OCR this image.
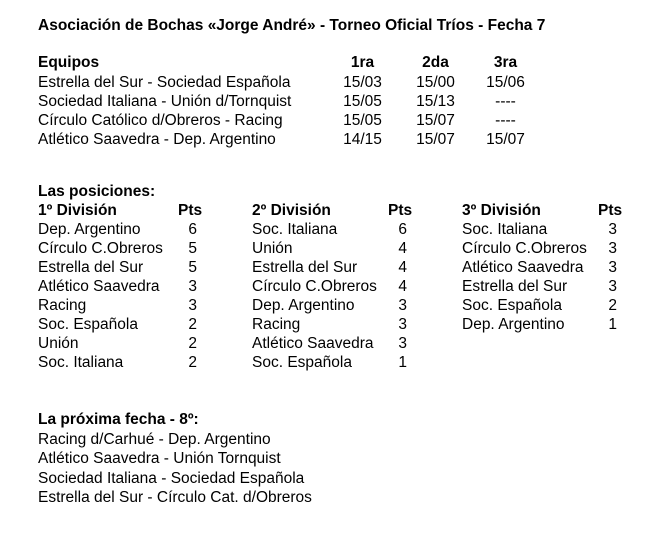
Asociación de Bochas «Jorge André» - Torneo Oficial Tríos - Fecha 7
Equipos	1ra	2da	3ra
Estrella del Sur - Sociedad Española	15/03	15/00	15/06
Sociedad Italiana - Unión d/Tornquist	15/05	15/13	----
Círculo Católico d/Obreros - Racing	15/05	15/07	----
Atlético Saavedra - Dep. Argentino	14/15	15/07	15/07
Las posiciones:
1º División	Pts
Dep. Argentino	6
Círculo C.Obreros	5
Estrella del Sur	5
Atlético Saavedra	3
Racing	3
Soc. Española	2
Unión	2
Soc. Italiana	2
2º División	Pts
Soc. Italiana	6
Unión	4
Estrella del Sur	4
Círculo C.Obreros	4
Dep. Argentino	3
Racing	3
Atlético Saavedra	3
Soc. Española	1
3º División	Pts
Soc. Italiana	3
Círculo C.Obreros	3
Atlético Saavedra	3
Estrella del Sur	3
Soc. Española	2
Dep. Argentino	1
La próxima fecha - 8º:
Racing d/Carhué - Dep. Argentino
Atlético Saavedra - Unión Tornquist
Sociedad Italiana - Sociedad Española
Estrella del Sur - Círculo Cat. d/Obreros
